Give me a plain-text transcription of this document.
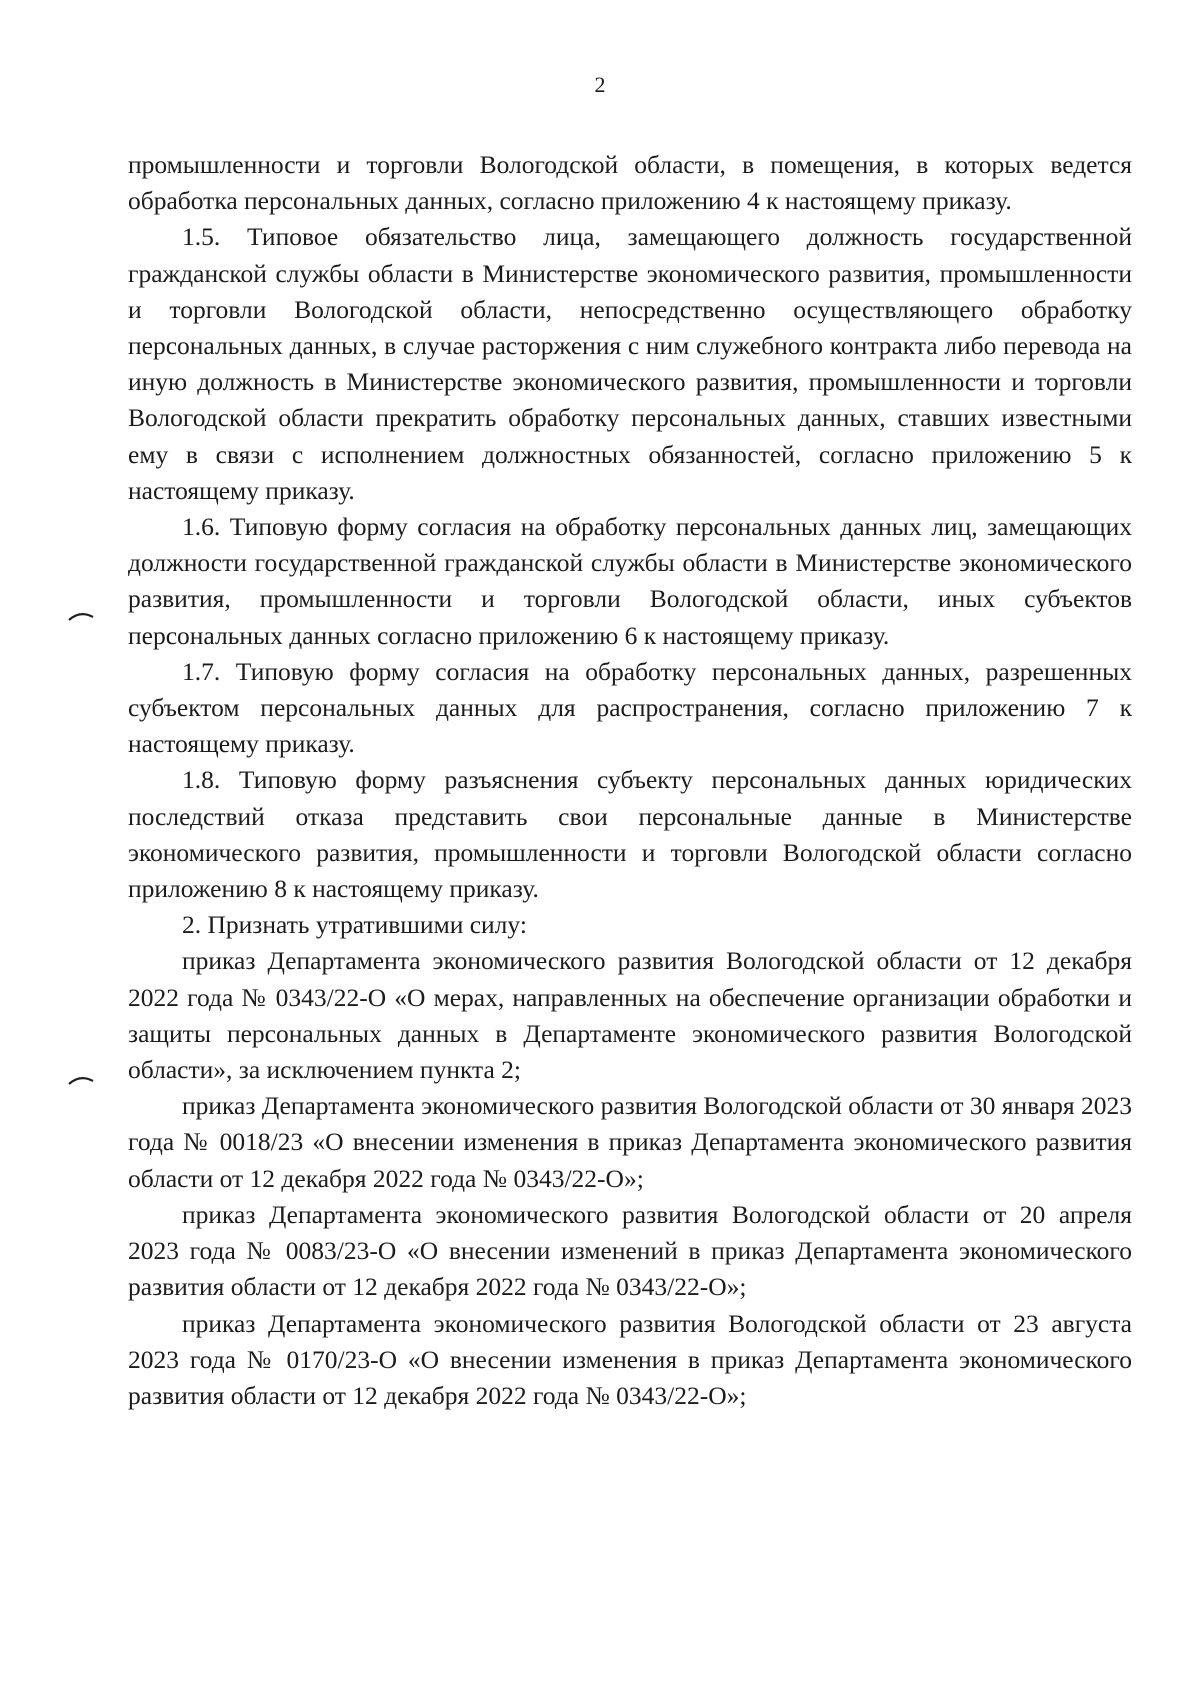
2

промышленности и торговли Вологодской области, в помещения, в которых ведется обработка персональных данных, согласно приложению 4 к настоящему приказу.

1.5. Типовое обязательство лица, замещающего должность государственной гражданской службы области в Министерстве экономического развития, промышленности и торговли Вологодской области, непосредственно осуществляющего обработку персональных данных, в случае расторжения с ним служебного контракта либо перевода на иную должность в Министерстве экономического развития, промышленности и торговли Вологодской области прекратить обработку персональных данных, ставших известными ему в связи с исполнением должностных обязанностей, согласно приложению 5 к настоящему приказу.

1.6. Типовую форму согласия на обработку персональных данных лиц, замещающих должности государственной гражданской службы области в Министерстве экономического развития, промышленности и торговли Вологодской области, иных субъектов персональных данных согласно приложению 6 к настоящему приказу.

1.7. Типовую форму согласия на обработку персональных данных, разрешенных субъектом персональных данных для распространения, согласно приложению 7 к настоящему приказу.

1.8. Типовую форму разъяснения субъекту персональных данных юридических последствий отказа представить свои персональные данные в Министерстве экономического развития, промышленности и торговли Вологодской области согласно приложению 8 к настоящему приказу.

2. Признать утратившими силу:

приказ Департамента экономического развития Вологодской области от 12 декабря 2022 года № 0343/22-О «О мерах, направленных на обеспечение организации обработки и защиты персональных данных в Департаменте экономического развития Вологодской области», за исключением пункта 2;

приказ Департамента экономического развития Вологодской области от 30 января 2023 года № 0018/23 «О внесении изменения в приказ Департамента экономического развития области от 12 декабря 2022 года № 0343/22-О»;

приказ Департамента экономического развития Вологодской области от 20 апреля 2023 года № 0083/23-О «О внесении изменений в приказ Департамента экономического развития области от 12 декабря 2022 года № 0343/22-О»;

приказ Департамента экономического развития Вологодской области от 23 августа 2023 года № 0170/23-О «О внесении изменения в приказ Департамента экономического развития области от 12 декабря 2022 года № 0343/22-О»;
